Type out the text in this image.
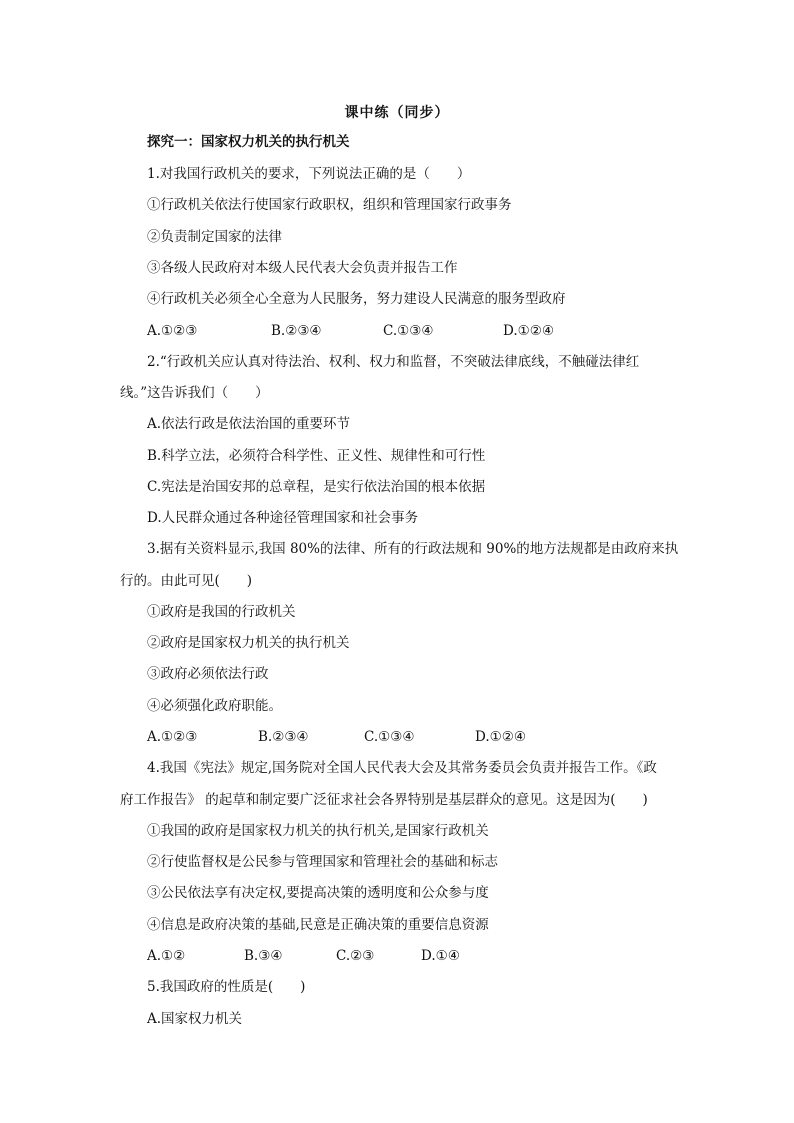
课中练（同步）
探究一：国家权力机关的执行机关
1.对我国行政机关的要求，下列说法正确的是（　　）
①行政机关依法行使国家行政职权，组织和管理国家行政事务
②负责制定国家的法律
③各级人民政府对本级人民代表大会负责并报告工作
④行政机关必须全心全意为人民服务，努力建设人民满意的服务型政府
A.①②③	B.②③④	C.①③④	D.①②④
2.“行政机关应认真对待法治、权利、权力和监督，不突破法律底线，不触碰法律红
线。”这告诉我们（　　）
A.依法行政是依法治国的重要环节
B.科学立法，必须符合科学性、正义性、规律性和可行性
C.宪法是治国安邦的总章程，是实行依法治国的根本依据
D.人民群众通过各种途径管理国家和社会事务
3.据有关资料显示,我国 80%的法律、所有的行政法规和 90%的地方法规都是由政府来执
行的。由此可见(　　)
①政府是我国的行政机关
②政府是国家权力机关的执行机关
③政府必须依法行政
④必须强化政府职能。
A.①②③	B.②③④	C.①③④	D.①②④
4.我国《宪法》规定,国务院对全国人民代表大会及其常务委员会负责并报告工作。《政
府工作报告》 的起草和制定要广泛征求社会各界特别是基层群众的意见。这是因为(　　)
①我国的政府是国家权力机关的执行机关,是国家行政机关
②行使监督权是公民参与管理国家和管理社会的基础和标志
③公民依法享有决定权,要提高决策的透明度和公众参与度
④信息是政府决策的基础,民意是正确决策的重要信息资源
A.①②	B.③④	C.②③	D.①④
5.我国政府的性质是(　　)
A.国家权力机关
